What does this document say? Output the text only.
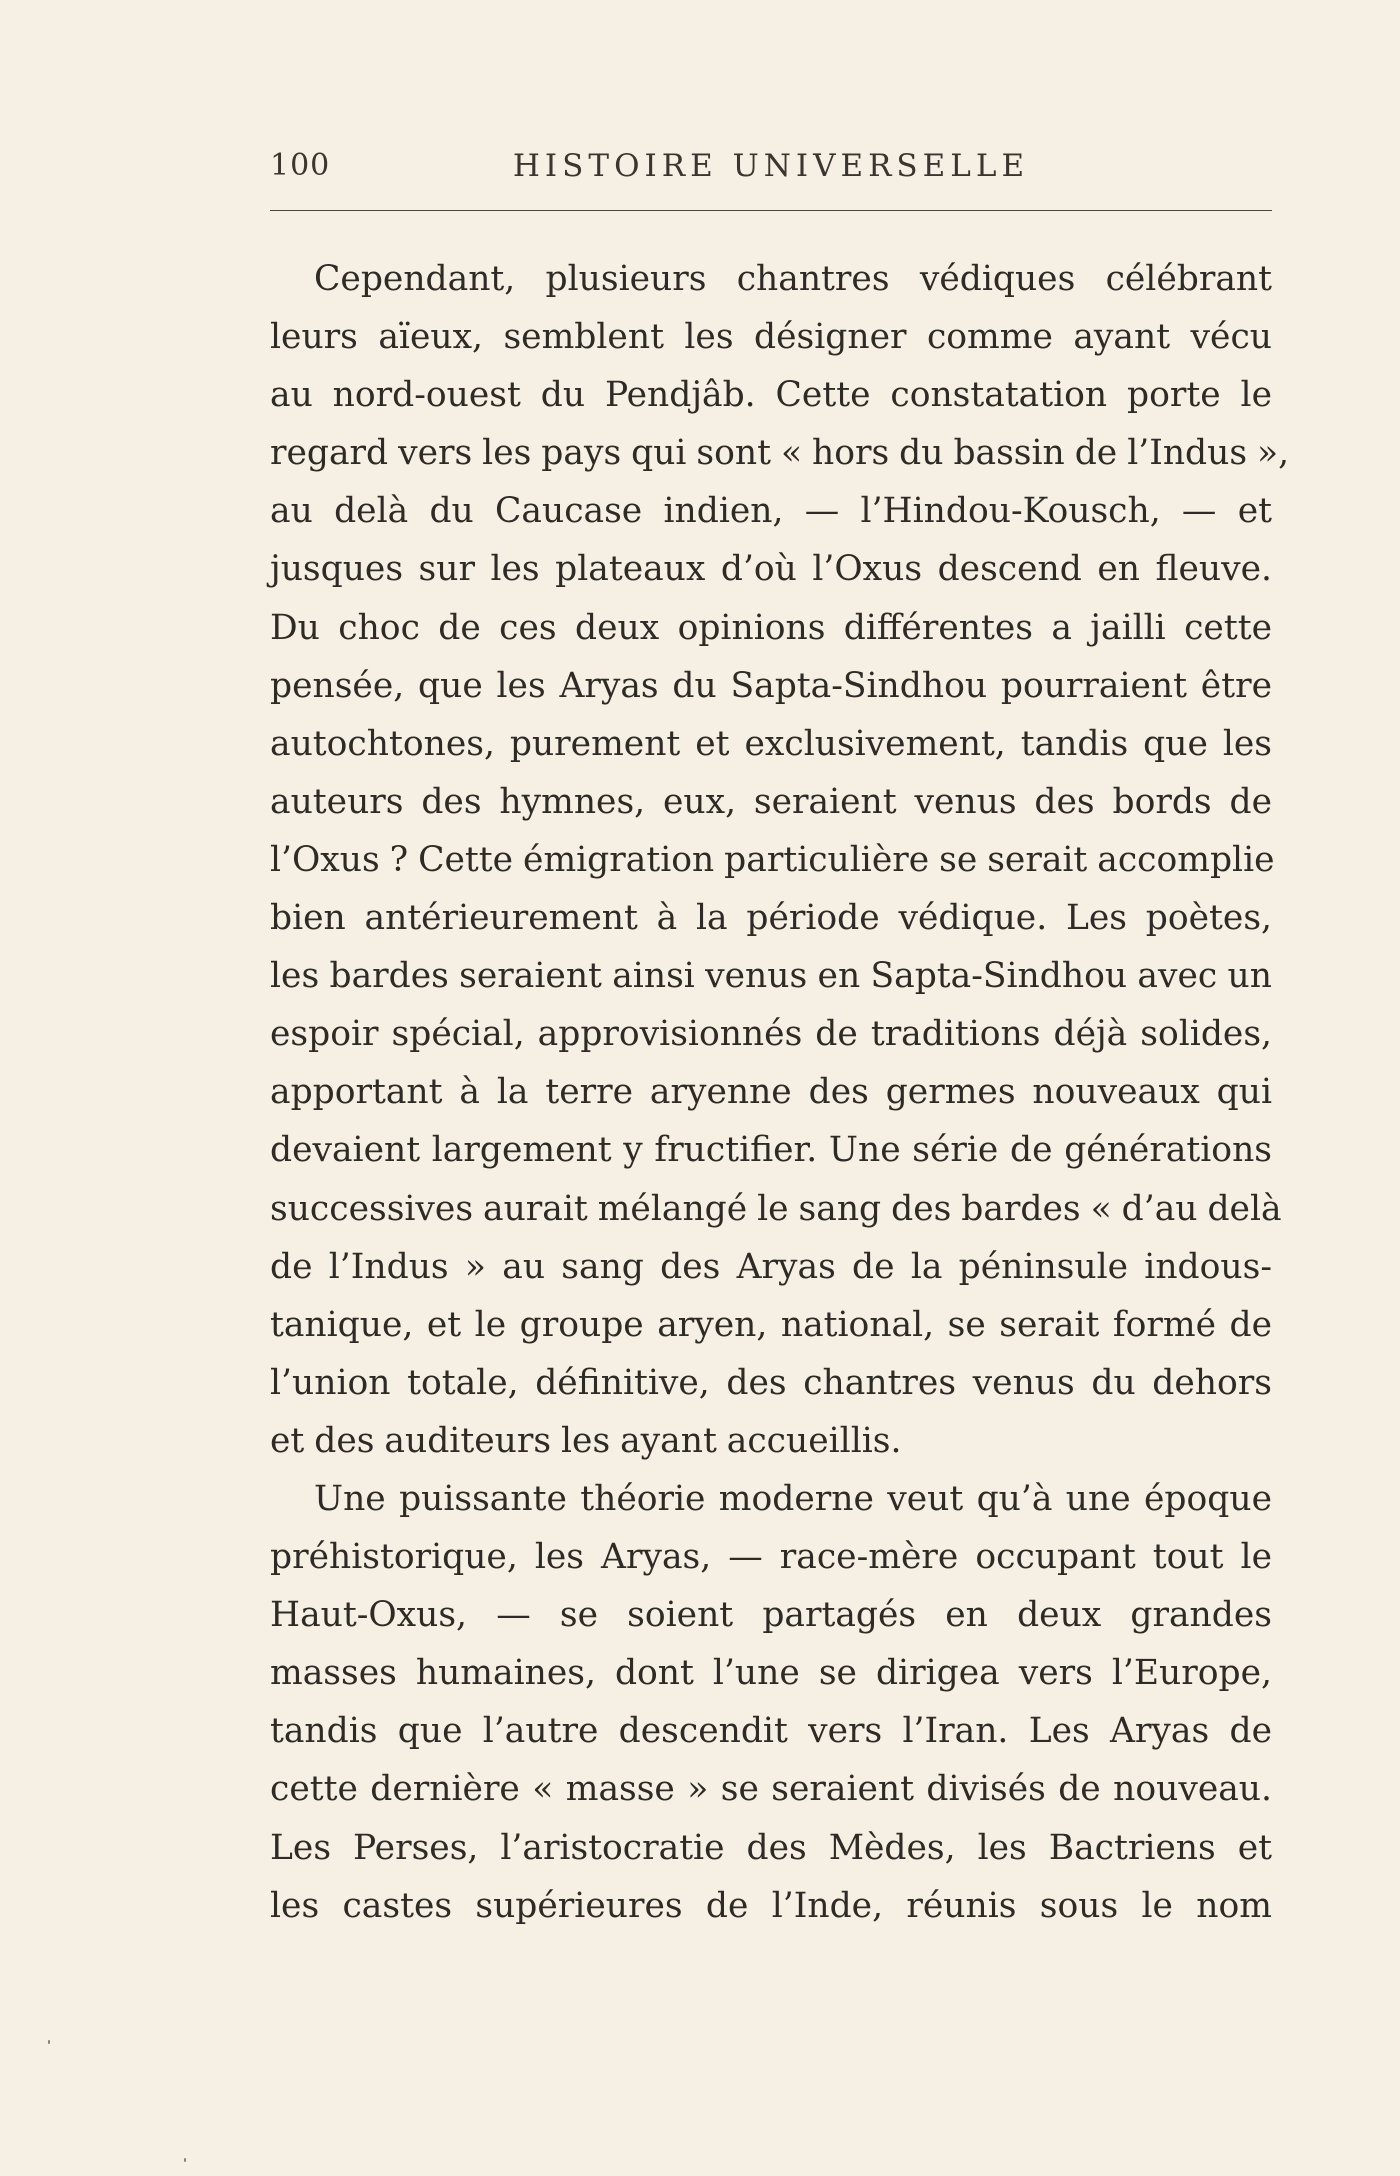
100	HISTOIRE UNIVERSELLE
Cependant, plusieurs chantres védiques célébrant
leurs aïeux, semblent les désigner comme ayant vécu
au nord-ouest du Pendjâb. Cette constatation porte le
regard vers les pays qui sont « hors du bassin de l’Indus »,
au delà du Caucase indien, — l’Hindou-Kousch, — et
jusques sur les plateaux d’où l’Oxus descend en fleuve.
Du choc de ces deux opinions différentes a jailli cette
pensée, que les Aryas du Sapta-Sindhou pourraient être
autochtones, purement et exclusivement, tandis que les
auteurs des hymnes, eux, seraient venus des bords de
l’Oxus ? Cette émigration particulière se serait accomplie
bien antérieurement à la période védique. Les poètes,
les bardes seraient ainsi venus en Sapta-Sindhou avec un
espoir spécial, approvisionnés de traditions déjà solides,
apportant à la terre aryenne des germes nouveaux qui
devaient largement y fructifier. Une série de générations
successives aurait mélangé le sang des bardes « d’au delà
de l’Indus » au sang des Aryas de la péninsule indous-
tanique, et le groupe aryen, national, se serait formé de
l’union totale, définitive, des chantres venus du dehors
et des auditeurs les ayant accueillis.
Une puissante théorie moderne veut qu’à une époque
préhistorique, les Aryas, — race-mère occupant tout le
Haut-Oxus, — se soient partagés en deux grandes
masses humaines, dont l’une se dirigea vers l’Europe,
tandis que l’autre descendit vers l’Iran. Les Aryas de
cette dernière « masse » se seraient divisés de nouveau.
Les Perses, l’aristocratie des Mèdes, les Bactriens et
les castes supérieures de l’Inde, réunis sous le nom
